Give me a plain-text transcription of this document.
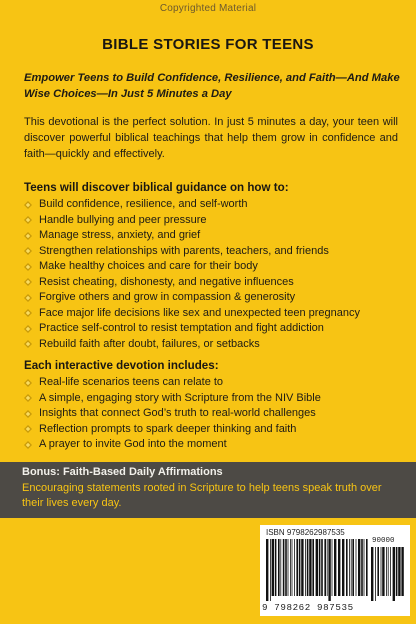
Copyrighted Material
BIBLE STORIES FOR TEENS

Empower Teens to Build Confidence, Resilience, and Faith—And Make Wise Choices—In Just 5 Minutes a Day

This devotional is the perfect solution. In just 5 minutes a day, your teen will discover powerful biblical teachings that help them grow in confidence and faith—quickly and effectively.

Teens will discover biblical guidance on how to:
Build confidence, resilience, and self-worth
Handle bullying and peer pressure
Manage stress, anxiety, and grief
Strengthen relationships with parents, teachers, and friends
Make healthy choices and care for their body
Resist cheating, dishonesty, and negative influences
Forgive others and grow in compassion & generosity
Face major life decisions like sex and unexpected teen pregnancy
Practice self-control to resist temptation and fight addiction
Rebuild faith after doubt, failures, or setbacks
Each interactive devotion includes:
Real-life scenarios teens can relate to
A simple, engaging story with Scripture from the NIV Bible
Insights that connect God’s truth to real-world challenges
Reflection prompts to spark deeper thinking and faith
A prayer to invite God into the moment
Bonus: Faith-Based Daily Affirmations
Encouraging statements rooted in Scripture to help teens speak truth over their lives every day.
ISBN 9798262987535
90000
9 798262 987535
